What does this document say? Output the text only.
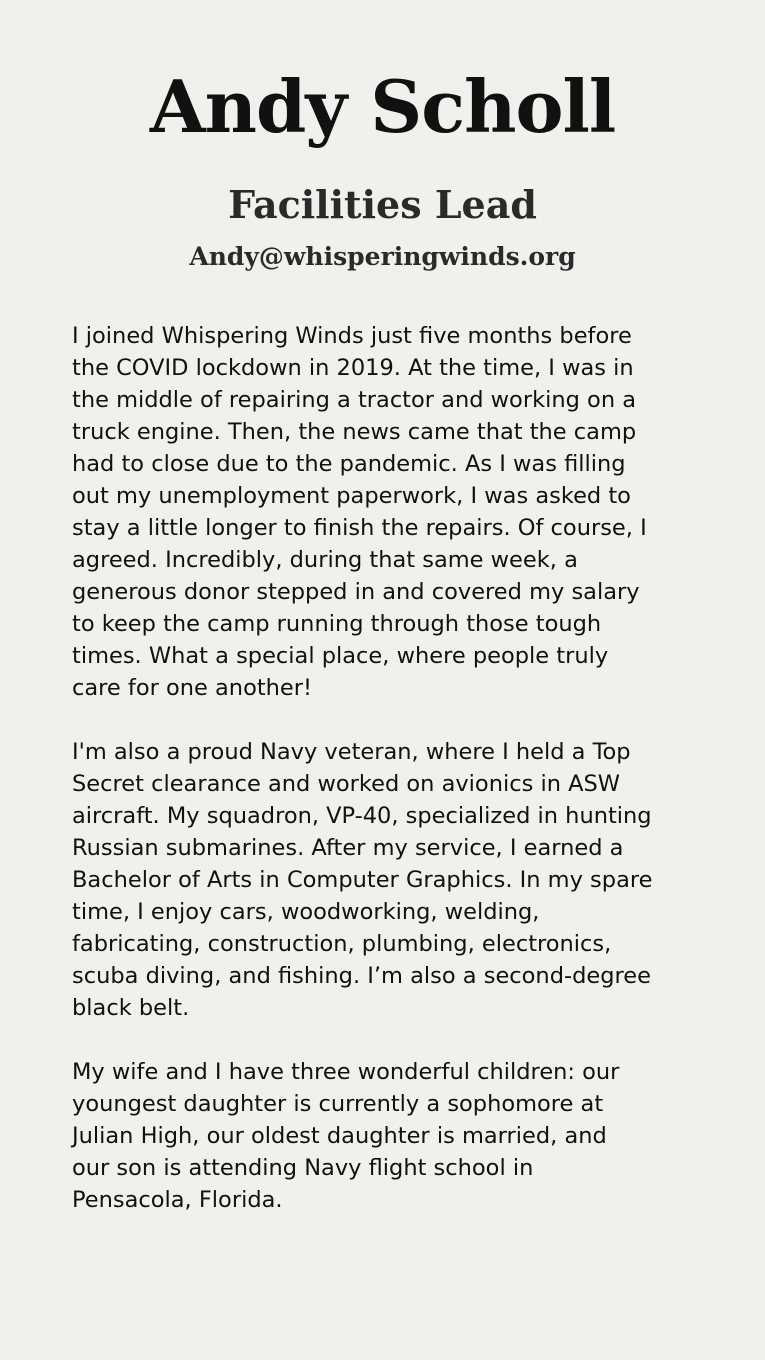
Andy Scholl
Facilities Lead
Andy@whisperingwinds.org

I joined Whispering Winds just five months before
the COVID lockdown in 2019. At the time, I was in
the middle of repairing a tractor and working on a
truck engine. Then, the news came that the camp
had to close due to the pandemic. As I was filling
out my unemployment paperwork, I was asked to
stay a little longer to finish the repairs. Of course, I
agreed. Incredibly, during that same week, a
generous donor stepped in and covered my salary
to keep the camp running through those tough
times. What a special place, where people truly
care for one another!

I'm also a proud Navy veteran, where I held a Top
Secret clearance and worked on avionics in ASW
aircraft. My squadron, VP-40, specialized in hunting
Russian submarines. After my service, I earned a
Bachelor of Arts in Computer Graphics. In my spare
time, I enjoy cars, woodworking, welding,
fabricating, construction, plumbing, electronics,
scuba diving, and fishing. I’m also a second-degree
black belt.

My wife and I have three wonderful children: our
youngest daughter is currently a sophomore at
Julian High, our oldest daughter is married, and
our son is attending Navy flight school in
Pensacola, Florida.
